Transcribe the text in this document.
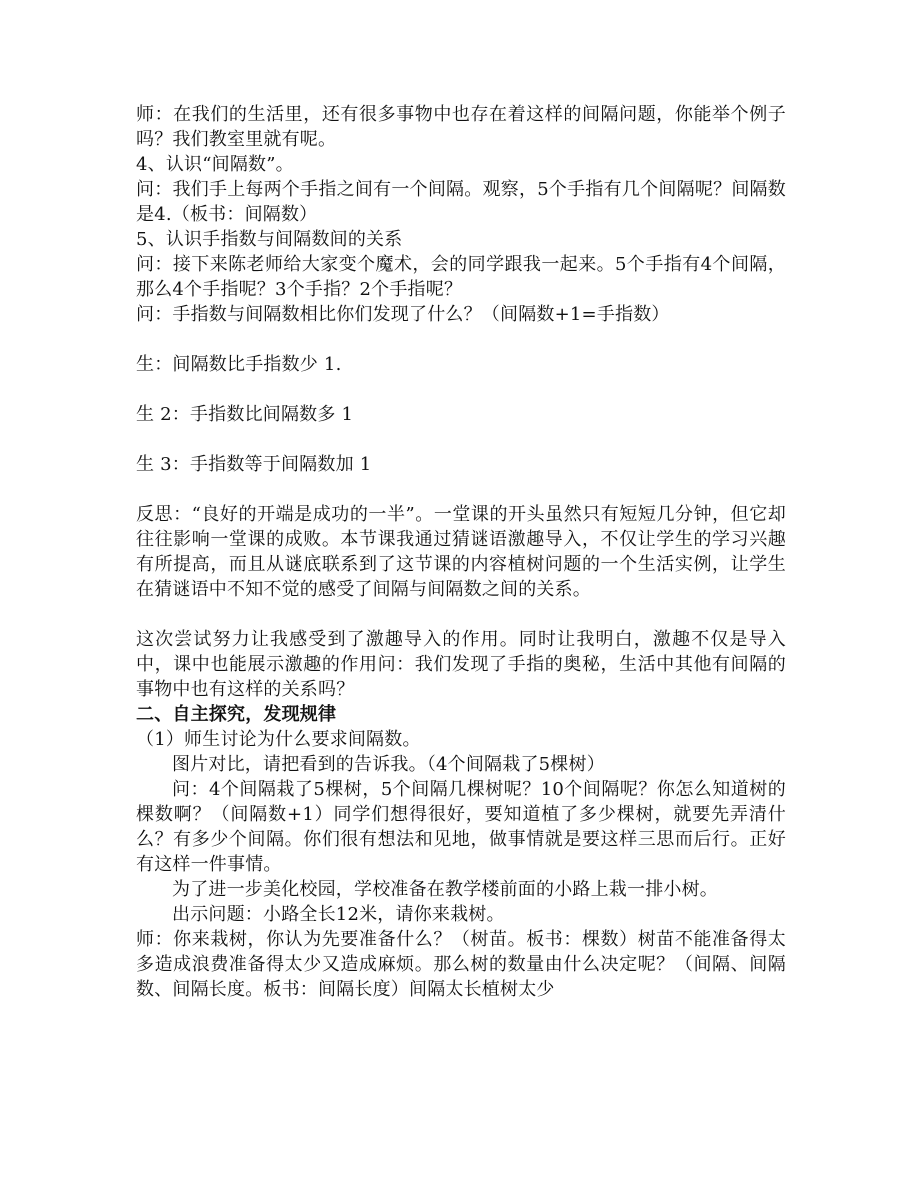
师：在我们的生活里，还有很多事物中也存在着这样的间隔问题，你能举个例子吗？我们教室里就有呢。

4、认识“间隔数”。

问：我们手上每两个手指之间有一个间隔。观察，5个手指有几个间隔呢？间隔数是4.（板书：间隔数）

5、认识手指数与间隔数间的关系

问：接下来陈老师给大家变个魔术，会的同学跟我一起来。5个手指有4个间隔，那么4个手指呢？3个手指？2个手指呢？

问：手指数与间隔数相比你们发现了什么？（间隔数+1=手指数）

生：间隔数比手指数少 1.

生 2：手指数比间隔数多 1

生 3：手指数等于间隔数加 1

反思：“良好的开端是成功的一半”。一堂课的开头虽然只有短短几分钟，但它却往往影响一堂课的成败。本节课我通过猜谜语激趣导入，不仅让学生的学习兴趣有所提高，而且从谜底联系到了这节课的内容植树问题的一个生活实例，让学生在猜谜语中不知不觉的感受了间隔与间隔数之间的关系。

这次尝试努力让我感受到了激趣导入的作用。同时让我明白，激趣不仅是导入中，课中也能展示激趣的作用问：我们发现了手指的奥秘，生活中其他有间隔的事物中也有这样的关系吗？

二、自主探究，发现规律

（1）师生讨论为什么要求间隔数。

图片对比，请把看到的告诉我。（4个间隔栽了5棵树）

问：4个间隔栽了5棵树，5个间隔几棵树呢？10个间隔呢？你怎么知道树的棵数啊？（间隔数+1）同学们想得很好，要知道植了多少棵树，就要先弄清什么？有多少个间隔。你们很有想法和见地，做事情就是要这样三思而后行。正好有这样一件事情。

为了进一步美化校园，学校准备在教学楼前面的小路上栽一排小树。

出示问题：小路全长12米，请你来栽树。

师：你来栽树，你认为先要准备什么？（树苗。板书：棵数）树苗不能准备得太多造成浪费准备得太少又造成麻烦。那么树的数量由什么决定呢？（间隔、间隔数、间隔长度。板书：间隔长度）间隔太长植树太少
